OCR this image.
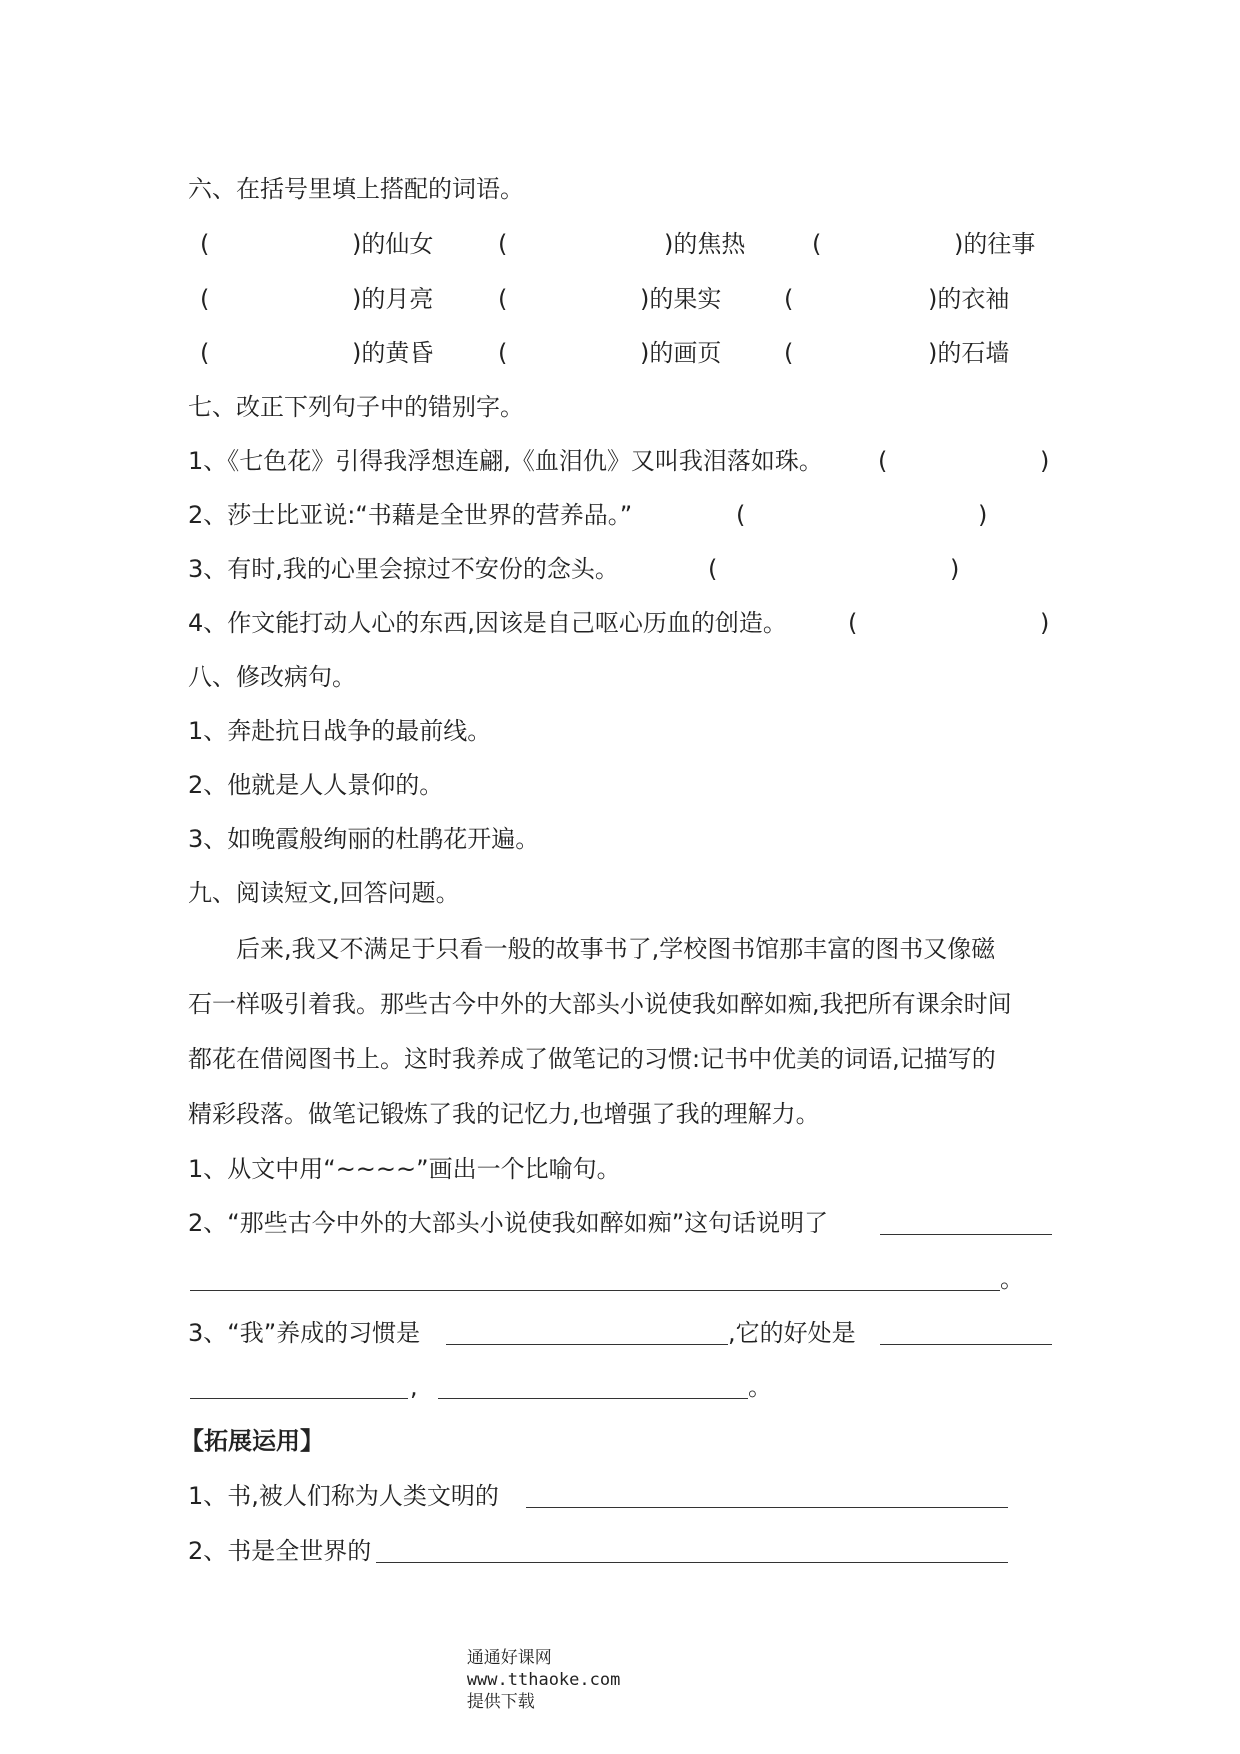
六、在括号里填上搭配的词语。
(	)的仙女	(	)的焦热	(	)的往事
(	)的月亮	(	)的果实	(	)的衣袖
(	)的黄昏	(	)的画页	(	)的石墙
七、改正下列句子中的错别字。
1、《七色花》引得我浮想连翩,《血泪仇》又叫我泪落如珠。 (	)
2、莎士比亚说:“书藉是全世界的营养品。”	(	)
3、有时,我的心里会掠过不安份的念头。	(	)
4、作文能打动人心的东西,因该是自己呕心历血的创造。	(	)
八、修改病句。
1、奔赴抗日战争的最前线。
2、他就是人人景仰的。
3、如晚霞般绚丽的杜鹃花开遍。
九、阅读短文,回答问题。
后来,我又不满足于只看一般的故事书了,学校图书馆那丰富的图书又像磁
石一样吸引着我。那些古今中外的大部头小说使我如醉如痴,我把所有课余时间
都花在借阅图书上。这时我养成了做笔记的习惯:记书中优美的词语,记描写的
精彩段落。做笔记锻炼了我的记忆力,也增强了我的理解力。
1、从文中用“~~~~”画出一个比喻句。
2、“那些古今中外的大部头小说使我如醉如痴”这句话说明了
。
3、“我”养成的习惯是	,它的好处是
,	。
【拓展运用】
1、书,被人们称为人类文明的
2、书是全世界的

通通好课网
www.tthaoke.com
提供下载
